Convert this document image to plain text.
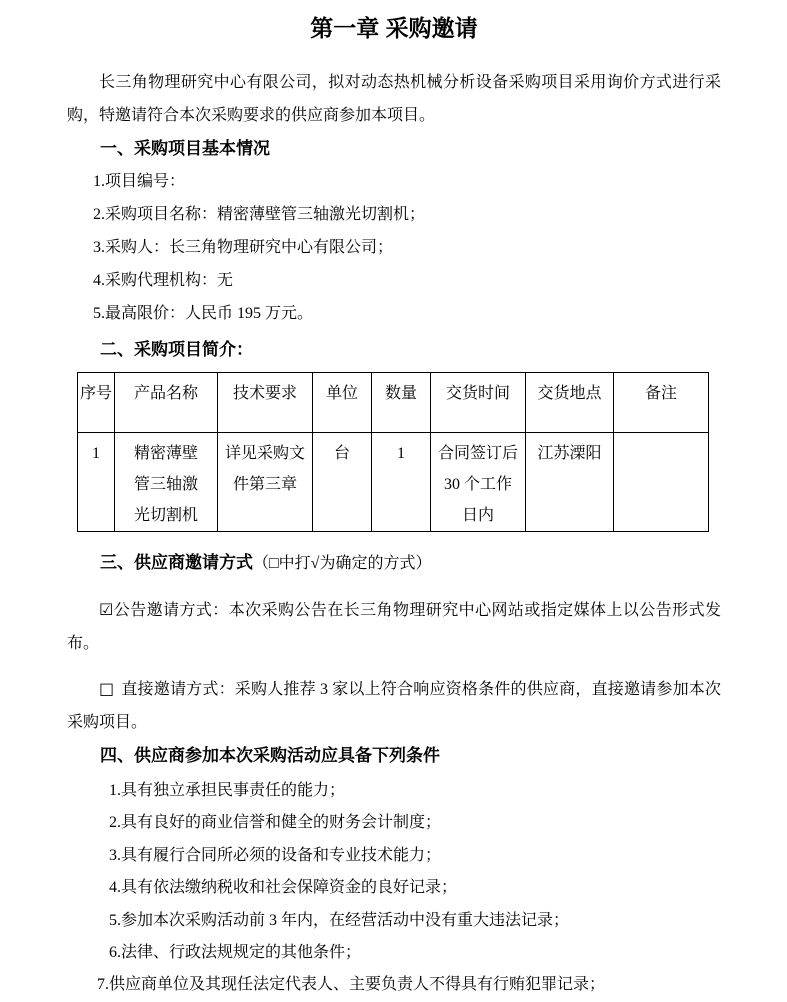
第一章 采购邀请

长三角物理研究中心有限公司，拟对动态热机械分析设备采购项目采用询价方式进行采购，特邀请符合本次采购要求的供应商参加本项目。

一、采购项目基本情况
1.项目编号：
2.采购项目名称：精密薄壁管三轴激光切割机；
3.采购人：长三角物理研究中心有限公司；
4.采购代理机构：无
5.最高限价：人民币 195 万元。
二、采购项目简介：
序号	产品名称	技术要求	单位	数量	交货时间	交货地点	备注
1	精密薄壁管三轴激光切割机	详见采购文件第三章	台	1	合同签订后 30 个工作日内	江苏溧阳	
三、供应商邀请方式（□中打√为确定的方式）

☑公告邀请方式：本次采购公告在长三角物理研究中心网站或指定媒体上以公告形式发布。

□ 直接邀请方式：采购人推荐 3 家以上符合响应资格条件的供应商，直接邀请参加本次采购项目。

四、供应商参加本次采购活动应具备下列条件
1.具有独立承担民事责任的能力；
2.具有良好的商业信誉和健全的财务会计制度；
3.具有履行合同所必须的设备和专业技术能力；
4.具有依法缴纳税收和社会保障资金的良好记录；
5.参加本次采购活动前 3 年内，在经营活动中没有重大违法记录；
6.法律、行政法规规定的其他条件；
7.供应商单位及其现任法定代表人、主要负责人不得具有行贿犯罪记录；
